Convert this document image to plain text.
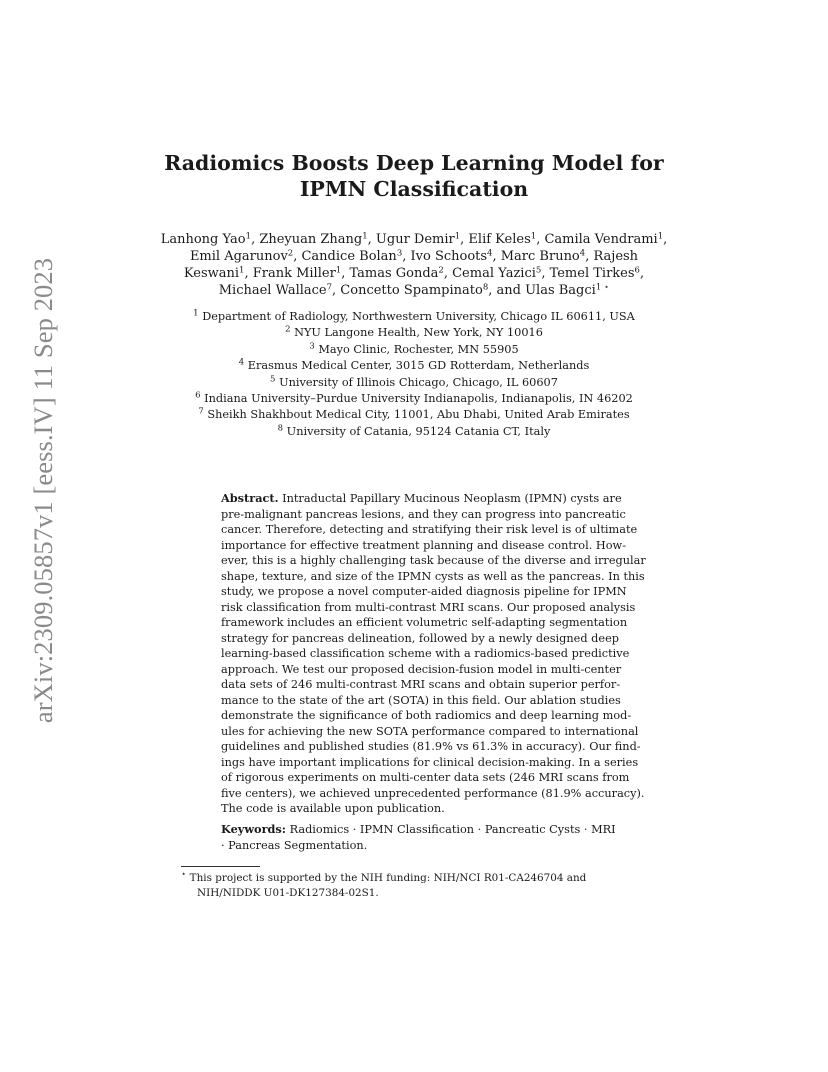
arXiv:2309.05857v1 [eess.IV] 11 Sep 2023
Radiomics Boosts Deep Learning Model for
IPMN Classification
Lanhong Yao$^1$, Zheyuan Zhang$^1$, Ugur Demir$^1$, Elif Keles$^1$, Camila Vendrami$^1$,
Emil Agarunov$^2$, Candice Bolan$^3$, Ivo Schoots$^4$, Marc Bruno$^4$, Rajesh
Keswani$^1$, Frank Miller$^1$, Tamas Gonda$^2$, Cemal Yazici$^5$, Temel Tirkes$^6$,
Michael Wallace$^7$, Concetto Spampinato$^8$, and Ulas Bagci$^{1 ⋆}$
$^1$ Department of Radiology, Northwestern University, Chicago IL 60611, USA
$^2$ NYU Langone Health, New York, NY 10016
$^3$ Mayo Clinic, Rochester, MN 55905
$^4$ Erasmus Medical Center, 3015 GD Rotterdam, Netherlands
$^5$ University of Illinois Chicago, Chicago, IL 60607
$^6$ Indiana University–Purdue University Indianapolis, Indianapolis, IN 46202
$^7$ Sheikh Shakhbout Medical City, 11001, Abu Dhabi, United Arab Emirates
$^8$ University of Catania, 95124 Catania CT, Italy
Abstract. Intraductal Papillary Mucinous Neoplasm (IPMN) cysts are
pre-malignant pancreas lesions, and they can progress into pancreatic
cancer. Therefore, detecting and stratifying their risk level is of ultimate
importance for effective treatment planning and disease control. How-
ever, this is a highly challenging task because of the diverse and irregular
shape, texture, and size of the IPMN cysts as well as the pancreas. In this
study, we propose a novel computer-aided diagnosis pipeline for IPMN
risk classification from multi-contrast MRI scans. Our proposed analysis
framework includes an efficient volumetric self-adapting segmentation
strategy for pancreas delineation, followed by a newly designed deep
learning-based classification scheme with a radiomics-based predictive
approach. We test our proposed decision-fusion model in multi-center
data sets of 246 multi-contrast MRI scans and obtain superior perfor-
mance to the state of the art (SOTA) in this field. Our ablation studies
demonstrate the significance of both radiomics and deep learning mod-
ules for achieving the new SOTA performance compared to international
guidelines and published studies (81.9% vs 61.3% in accuracy). Our find-
ings have important implications for clinical decision-making. In a series
of rigorous experiments on multi-center data sets (246 MRI scans from
five centers), we achieved unprecedented performance (81.9% accuracy).
The code is available upon publication.
Keywords: Radiomics · IPMN Classification · Pancreatic Cysts · MRI
· Pancreas Segmentation.
⋆ This project is supported by the NIH funding: NIH/NCI R01-CA246704 and
NIH/NIDDK U01-DK127384-02S1.
